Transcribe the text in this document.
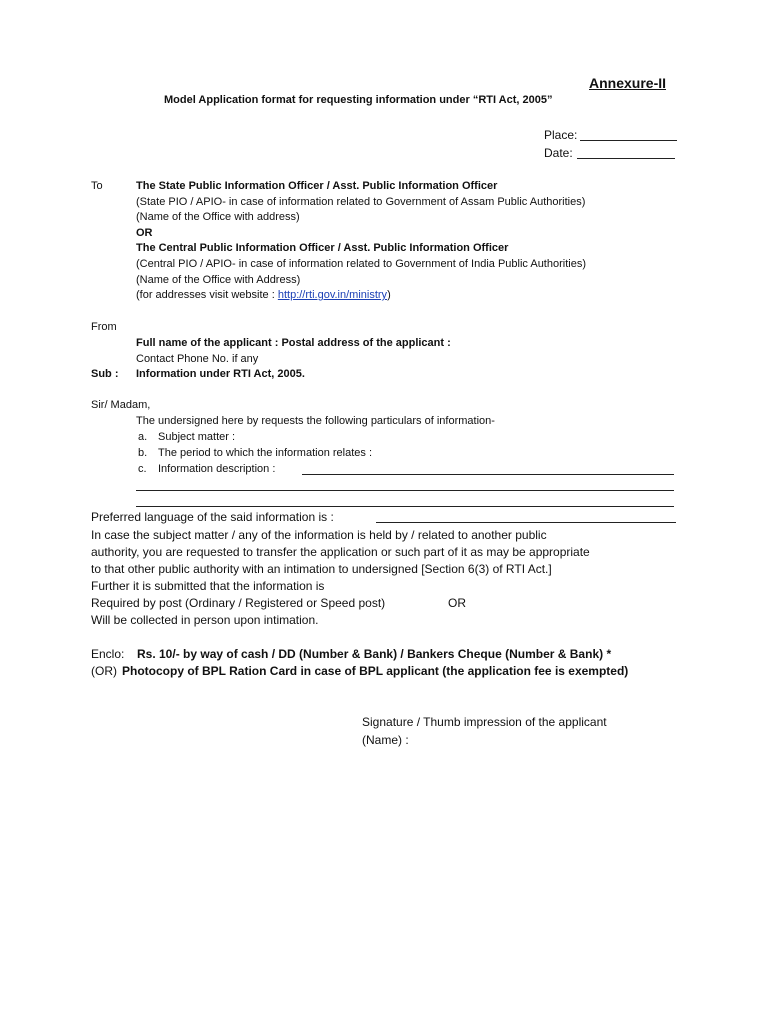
Annexure-II
Model Application format for requesting information under “RTI Act, 2005”
Place:
Date:
To	The State Public Information Officer / Asst. Public Information Officer
(State PIO / APIO- in case of information related to Government of Assam Public Authorities)
(Name of the Office with address)
OR
The Central Public Information Officer / Asst. Public Information Officer
(Central PIO / APIO- in case of information related to Government of India Public Authorities)
(Name of the Office with Address)
(for addresses visit website : http://rti.gov.in/ministry)
From
Full name of the applicant : Postal address of the applicant :
Contact Phone No. if any
Sub : Information under RTI Act, 2005.
Sir/ Madam,
The undersigned here by requests the following particulars of information-
a. Subject matter :
b. The period to which the information relates :
c. Information description :
Preferred language of the said information is :
In case the subject matter / any of the information is held by / related to another public
authority, you are requested to transfer the application or such part of it as may be appropriate
to that other public authority with an intimation to undersigned [Section 6(3) of RTI Act.]
Further it is submitted that the information is
Required by post (Ordinary / Registered or Speed post)	OR
Will be collected in person upon intimation.
Enclo: Rs. 10/- by way of cash / DD (Number & Bank) / Bankers Cheque (Number & Bank) *
(OR) Photocopy of BPL Ration Card in case of BPL applicant (the application fee is exempted)
Signature / Thumb impression of the applicant
(Name) :
